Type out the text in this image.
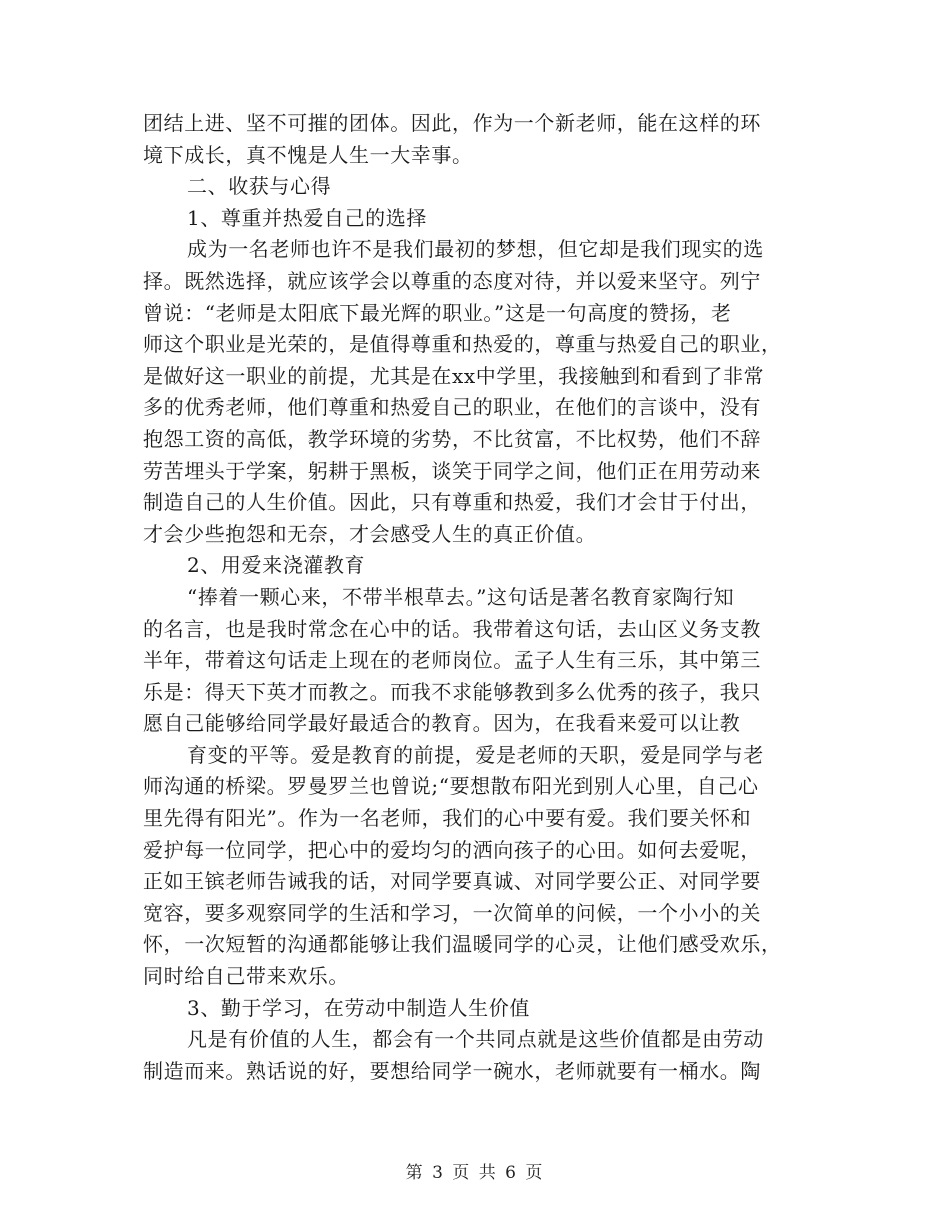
团结上进、坚不可摧的团体。因此，作为一个新老师，能在这样的环
境下成长，真不愧是人生一大幸事。
二、收获与心得
1、尊重并热爱自己的选择
成为一名老师也许不是我们最初的梦想，但它却是我们现实的选
择。既然选择，就应该学会以尊重的态度对待，并以爱来坚守。列宁
曾说：“老师是太阳底下最光辉的职业。”这是一句高度的赞扬，老
师这个职业是光荣的，是值得尊重和热爱的，尊重与热爱自己的职业，
是做好这一职业的前提，尤其是在xx中学里，我接触到和看到了非常
多的优秀老师，他们尊重和热爱自己的职业，在他们的言谈中，没有
抱怨工资的高低，教学环境的劣势，不比贫富，不比权势，他们不辞
劳苦埋头于学案，躬耕于黑板，谈笑于同学之间，他们正在用劳动来
制造自己的人生价值。因此，只有尊重和热爱，我们才会甘于付出，
才会少些抱怨和无奈，才会感受人生的真正价值。
2、用爱来浇灌教育
“捧着一颗心来，不带半根草去。”这句话是著名教育家陶行知
的名言，也是我时常念在心中的话。我带着这句话，去山区义务支教
半年，带着这句话走上现在的老师岗位。孟子人生有三乐，其中第三
乐是：得天下英才而教之。而我不求能够教到多么优秀的孩子，我只
愿自己能够给同学最好最适合的教育。因为，在我看来爱可以让教
育变的平等。爱是教育的前提，爱是老师的天职，爱是同学与老
师沟通的桥梁。罗曼罗兰也曾说;“要想散布阳光到别人心里，自己心
里先得有阳光”。作为一名老师，我们的心中要有爱。我们要关怀和
爱护每一位同学，把心中的爱均匀的洒向孩子的心田。如何去爱呢，
正如王镔老师告诫我的话，对同学要真诚、对同学要公正、对同学要
宽容，要多观察同学的生活和学习，一次简单的问候，一个小小的关
怀，一次短暂的沟通都能够让我们温暖同学的心灵，让他们感受欢乐，
同时给自己带来欢乐。
3、勤于学习，在劳动中制造人生价值
凡是有价值的人生，都会有一个共同点就是这些价值都是由劳动
制造而来。熟话说的好，要想给同学一碗水，老师就要有一桶水。陶
第 3 页 共 6 页
